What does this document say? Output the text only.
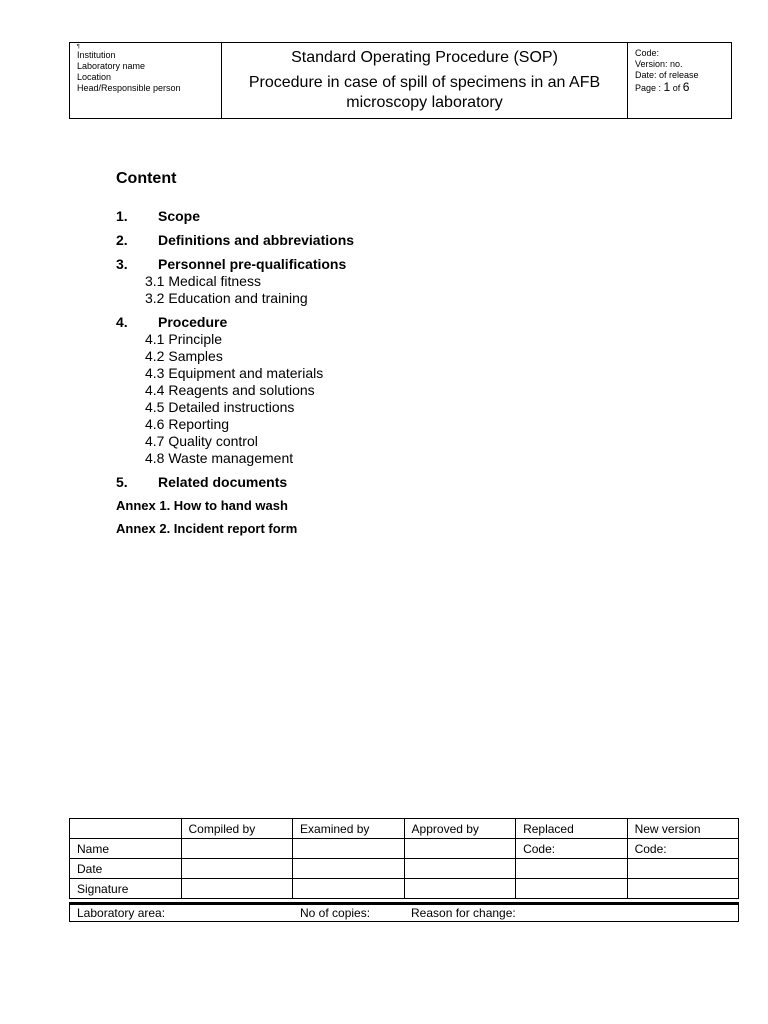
¶
Institution
Laboratory name
Location
Head/Responsible person
Standard Operating Procedure (SOP)
Procedure in case of spill of specimens in an AFB microscopy laboratory
Code:
Version: no.
Date: of release
Page : 1 of 6
Content
1.	Scope
2.	Definitions and abbreviations
3.	Personnel pre-qualifications
3.1 Medical fitness
3.2 Education and training
4.	Procedure
4.1 Principle
4.2 Samples
4.3 Equipment and materials
4.4 Reagents and solutions
4.5 Detailed instructions
4.6 Reporting
4.7 Quality control
4.8 Waste management
5.	Related documents
Annex 1. How to hand wash
Annex 2. Incident report form
	Compiled by	Examined by	Approved by	Replaced	New version
Name				Code:	Code:
Date					
Signature					
Laboratory area:	No of copies:	Reason for change:
